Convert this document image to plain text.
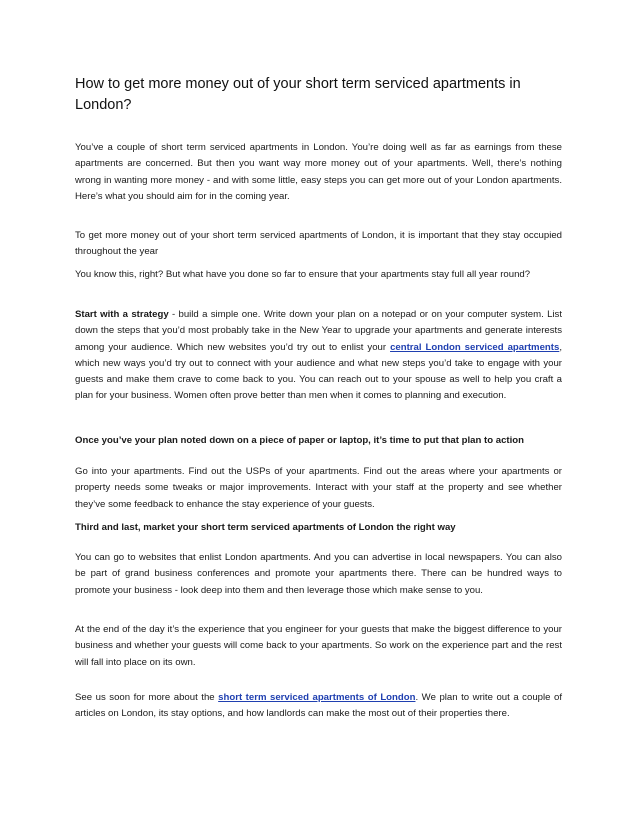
How to get more money out of your short term serviced apartments in London?

You’ve a couple of short term serviced apartments in London. You’re doing well as far as earnings from these apartments are concerned. But then you want way more money out of your apartments. Well, there’s nothing wrong in wanting more money - and with some little, easy steps you can get more out of your London apartments. Here’s what you should aim for in the coming year.

To get more money out of your short term serviced apartments of London, it is important that they stay occupied throughout the year

You know this, right? But what have you done so far to ensure that your apartments stay full all year round?

Start with a strategy - build a simple one. Write down your plan on a notepad or on your computer system. List down the steps that you’d most probably take in the New Year to upgrade your apartments and generate interests among your audience. Which new websites you’d try out to enlist your central London serviced apartments, which new ways you’d try out to connect with your audience and what new steps you’d take to engage with your guests and make them crave to come back to you. You can reach out to your spouse as well to help you craft a plan for your business. Women often prove better than men when it comes to planning and execution.

Once you’ve your plan noted down on a piece of paper or laptop, it’s time to put that plan to action

Go into your apartments. Find out the USPs of your apartments. Find out the areas where your apartments or property needs some tweaks or major improvements. Interact with your staff at the property and see whether they’ve some feedback to enhance the stay experience of your guests.

Third and last, market your short term serviced apartments of London the right way

You can go to websites that enlist London apartments. And you can advertise in local newspapers. You can also be part of grand business conferences and promote your apartments there. There can be hundred ways to promote your business - look deep into them and then leverage those which make sense to you.

At the end of the day it’s the experience that you engineer for your guests that make the biggest difference to your business and whether your guests will come back to your apartments. So work on the experience part and the rest will fall into place on its own.

See us soon for more about the short term serviced apartments of London. We plan to write out a couple of articles on London, its stay options, and how landlords can make the most out of their properties there.
